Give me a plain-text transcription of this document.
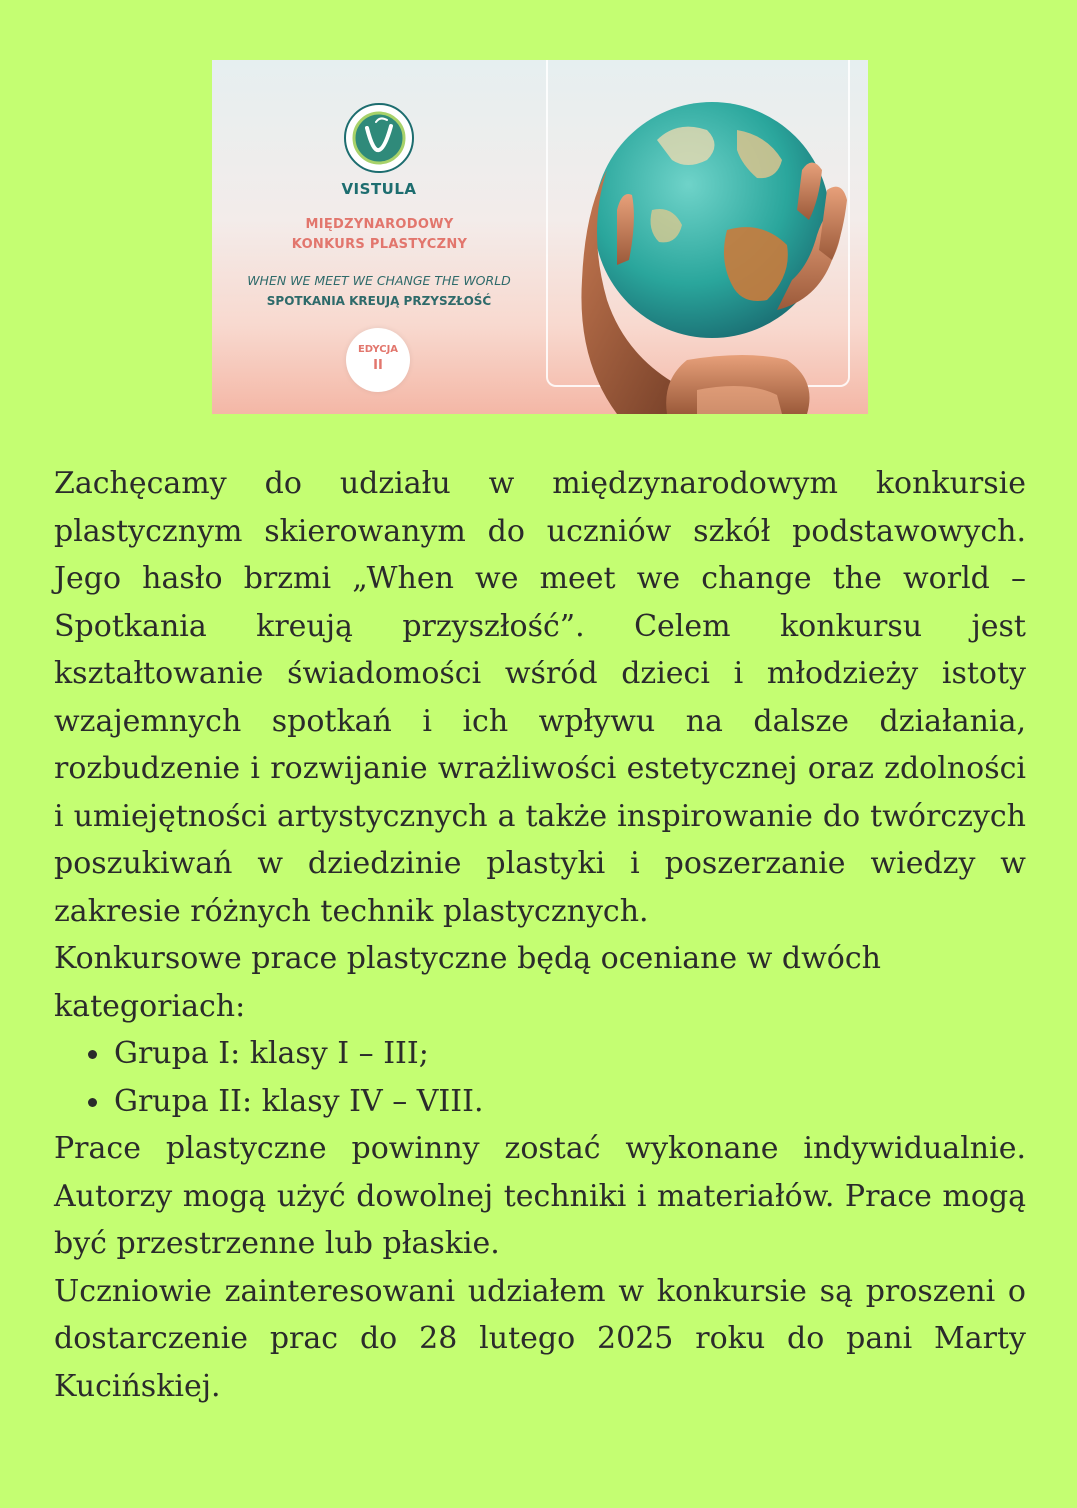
VISTULA
MIĘDZYNARODOWY
KONKURS PLASTYCZNY
WHEN WE MEET WE CHANGE THE WORLD
SPOTKANIA KREUJĄ PRZYSZŁOŚĆ
EDYCJA
II

Zachęcamy do udziału w międzynarodowym konkursie plastycznym skierowanym do uczniów szkół podstawowych. Jego hasło brzmi „When we meet we change the world – Spotkania kreują przyszłość”. Celem konkursu jest kształtowanie świadomości wśród dzieci i młodzieży istoty wzajemnych spotkań i ich wpływu na dalsze działania, rozbudzenie i rozwijanie wrażliwości estetycznej oraz zdolności i umiejętności artystycznych a także inspirowanie do twórczych poszukiwań w dziedzinie plastyki i poszerzanie wiedzy w zakresie różnych technik plastycznych.

Konkursowe prace plastyczne będą oceniane w dwóch kategoriach:

Grupa I: klasy I – III;
Grupa II: klasy IV – VIII.

Prace plastyczne powinny zostać wykonane indywidualnie. Autorzy mogą użyć dowolnej techniki i materiałów. Prace mogą być przestrzenne lub płaskie.

Uczniowie zainteresowani udziałem w konkursie są proszeni o dostarczenie prac do 28 lutego 2025 roku do pani Marty Kucińskiej.
